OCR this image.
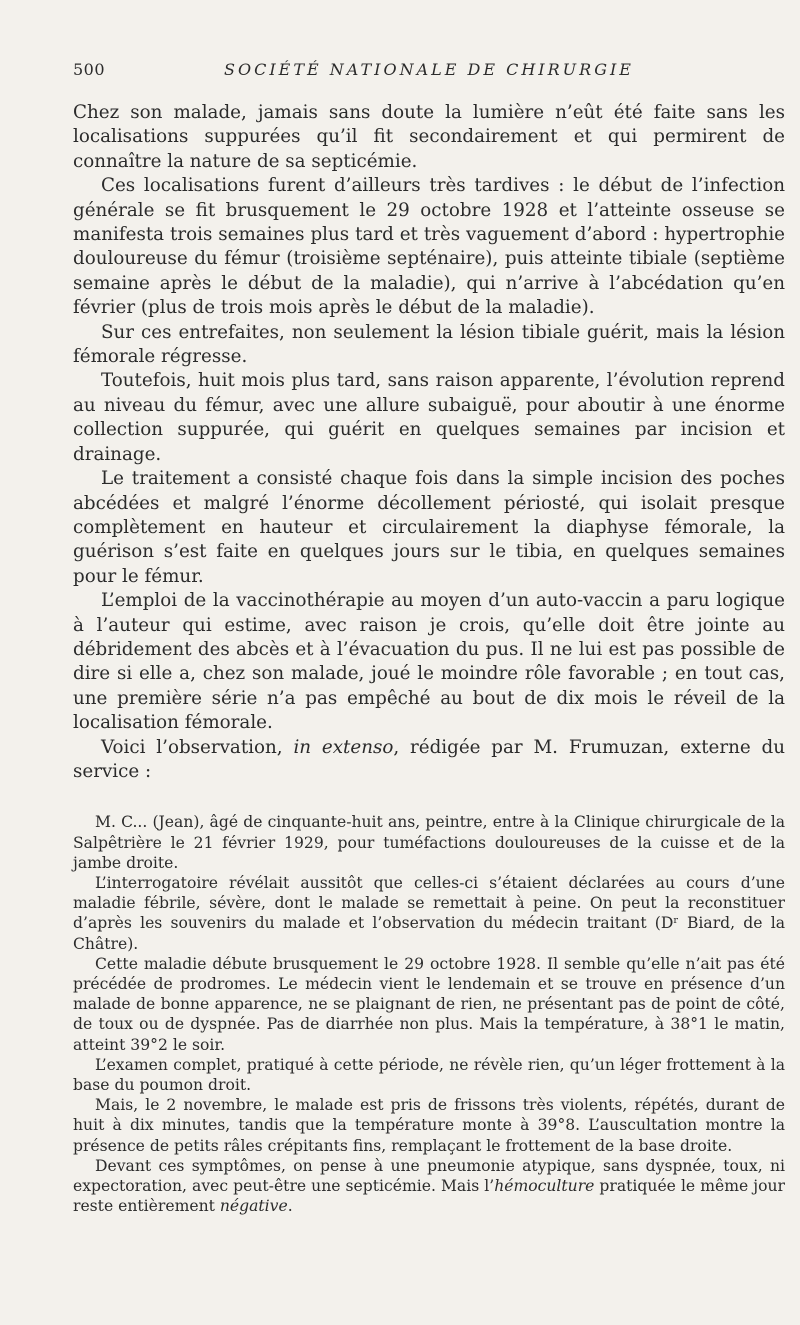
500	SOCIÉTÉ NATIONALE DE CHIRURGIE

Chez son malade, jamais sans doute la lumière n’eût été faite sans les localisations suppurées qu’il fit secondairement et qui permirent de connaître la nature de sa septicémie.

Ces localisations furent d’ailleurs très tardives : le début de l’infection générale se fit brusquement le 29 octobre 1928 et l’atteinte osseuse se manifesta trois semaines plus tard et très vaguement d’abord : hypertrophie douloureuse du fémur (troisième septénaire), puis atteinte tibiale (septième semaine après le début de la maladie), qui n’arrive à l’abcédation qu’en février (plus de trois mois après le début de la maladie).

Sur ces entrefaites, non seulement la lésion tibiale guérit, mais la lésion fémorale régresse.

Toutefois, huit mois plus tard, sans raison apparente, l’évolution reprend au niveau du fémur, avec une allure subaiguë, pour aboutir à une énorme collection suppurée, qui guérit en quelques semaines par incision et drainage.

Le traitement a consisté chaque fois dans la simple incision des poches abcédées et malgré l’énorme décollement périosté, qui isolait presque complètement en hauteur et circulairement la diaphyse fémorale, la guérison s’est faite en quelques jours sur le tibia, en quelques semaines pour le fémur.

L’emploi de la vaccinothérapie au moyen d’un auto-vaccin a paru logique à l’auteur qui estime, avec raison je crois, qu’elle doit être jointe au débridement des abcès et à l’évacuation du pus. Il ne lui est pas possible de dire si elle a, chez son malade, joué le moindre rôle favorable ; en tout cas, une première série n’a pas empêché au bout de dix mois le réveil de la localisation fémorale.

Voici l’observation, in extenso, rédigée par M. Frumuzan, externe du service :

M. C... (Jean), âgé de cinquante-huit ans, peintre, entre à la Clinique chirurgicale de la Salpêtrière le 21 février 1929, pour tuméfactions douloureuses de la cuisse et de la jambe droite.

L’interrogatoire révélait aussitôt que celles-ci s’étaient déclarées au cours d’une maladie fébrile, sévère, dont le malade se remettait à peine. On peut la reconstituer d’après les souvenirs du malade et l’observation du médecin traitant (Dʳ Biard, de la Châtre).

Cette maladie débute brusquement le 29 octobre 1928. Il semble qu’elle n’ait pas été précédée de prodromes. Le médecin vient le lendemain et se trouve en présence d’un malade de bonne apparence, ne se plaignant de rien, ne présentant pas de point de côté, de toux ou de dyspnée. Pas de diarrhée non plus. Mais la température, à 38°1 le matin, atteint 39°2 le soir.

L’examen complet, pratiqué à cette période, ne révèle rien, qu’un léger frottement à la base du poumon droit.

Mais, le 2 novembre, le malade est pris de frissons très violents, répétés, durant de huit à dix minutes, tandis que la température monte à 39°8. L’auscultation montre la présence de petits râles crépitants fins, remplaçant le frottement de la base droite.

Devant ces symptômes, on pense à une pneumonie atypique, sans dyspnée, toux, ni expectoration, avec peut-être une septicémie. Mais l’hémoculture pratiquée le même jour reste entièrement négative.
